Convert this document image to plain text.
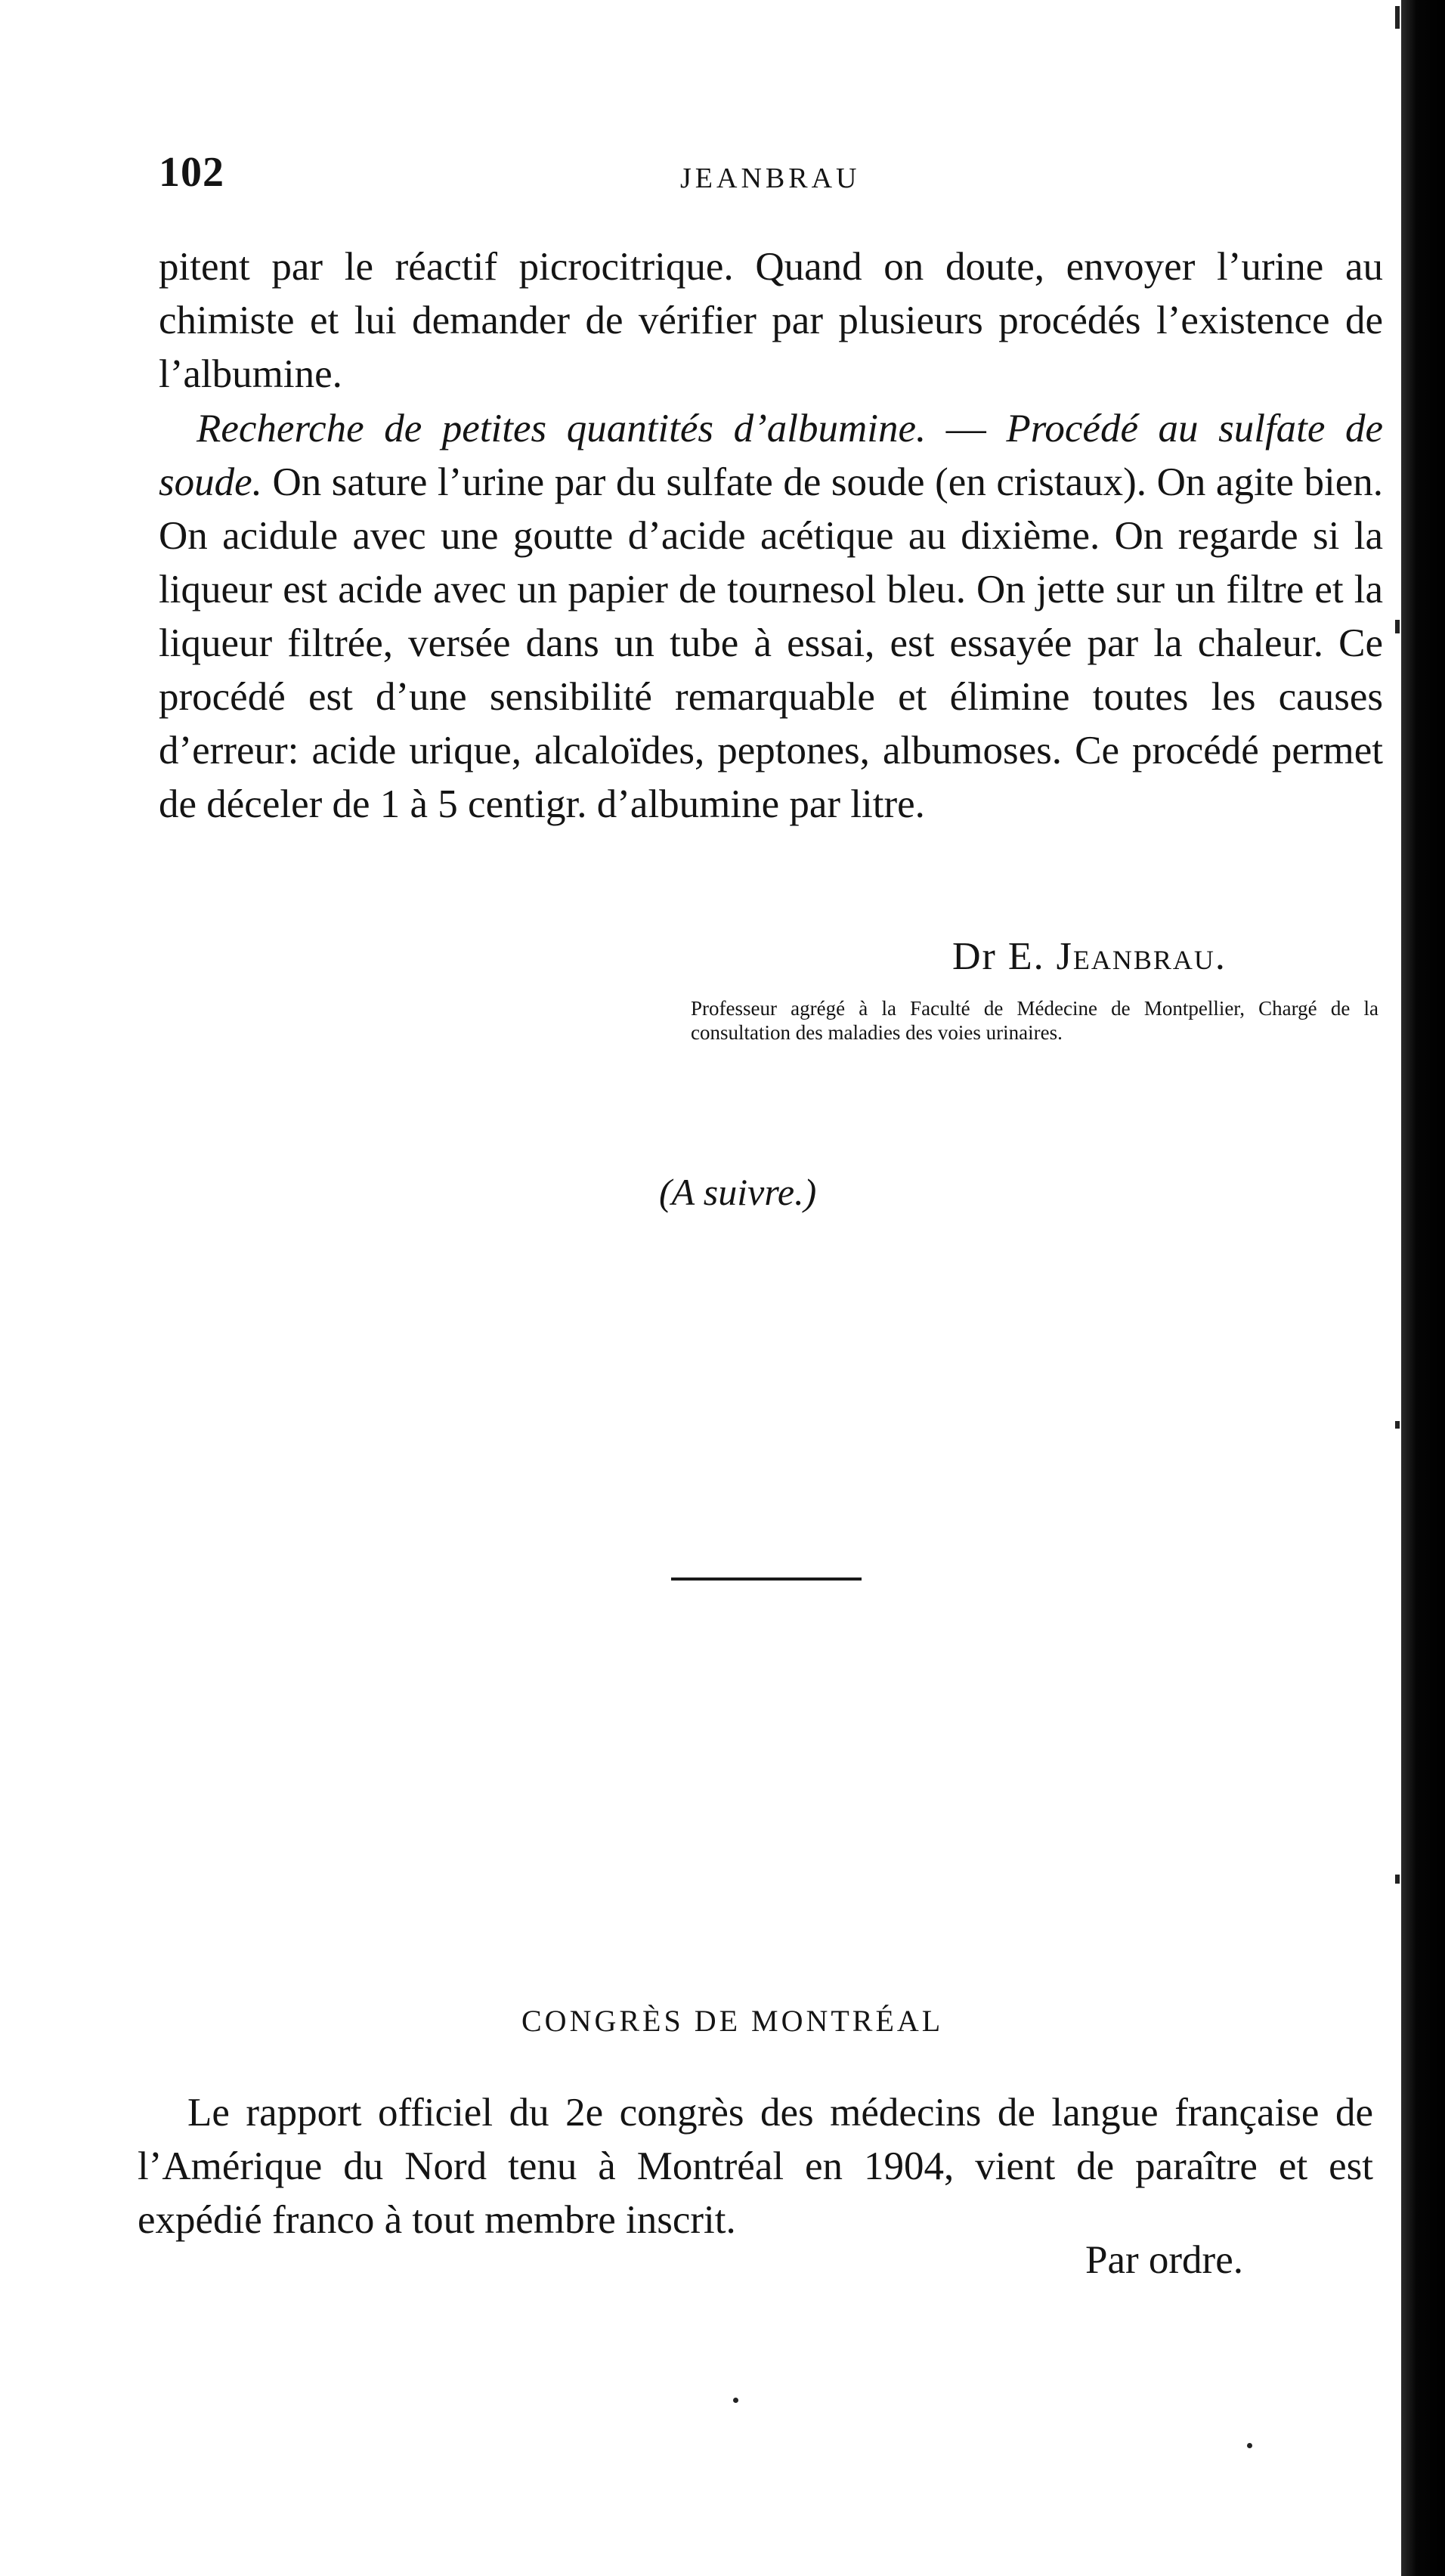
102	JEANBRAU

pitent par le réactif picrocitrique. Quand on doute, envoyer l’urine au chimiste et lui demander de vérifier par plusieurs procédés l’existence de l’albumine.

Recherche de petites quantités d’albumine. — Procédé au sulfate de soude. On sature l’urine par du sulfate de soude (en cristaux). On agite bien. On acidule avec une goutte d’acide acétique au dixième. On regarde si la liqueur est acide avec un papier de tournesol bleu. On jette sur un filtre et la liqueur filtrée, versée dans un tube à essai, est essayée par la chaleur. Ce procédé est d’une sensibilité remarquable et élimine toutes les causes d’erreur: acide urique, alcaloïdes, peptones, albumoses. Ce procédé permet de déceler de 1 à 5 centigr. d’albumine par litre.

Dr E. Jeanbrau.

Professeur agrégé à la Faculté de Médecine de Montpellier, Chargé de la consultation des maladies des voies urinaires.

(A suivre.)
CONGRÈS DE MONTRÉAL

Le rapport officiel du 2e congrès des médecins de langue française de l’Amérique du Nord tenu à Montréal en 1904, vient de paraître et est expédié franco à tout membre inscrit.

Par ordre.
